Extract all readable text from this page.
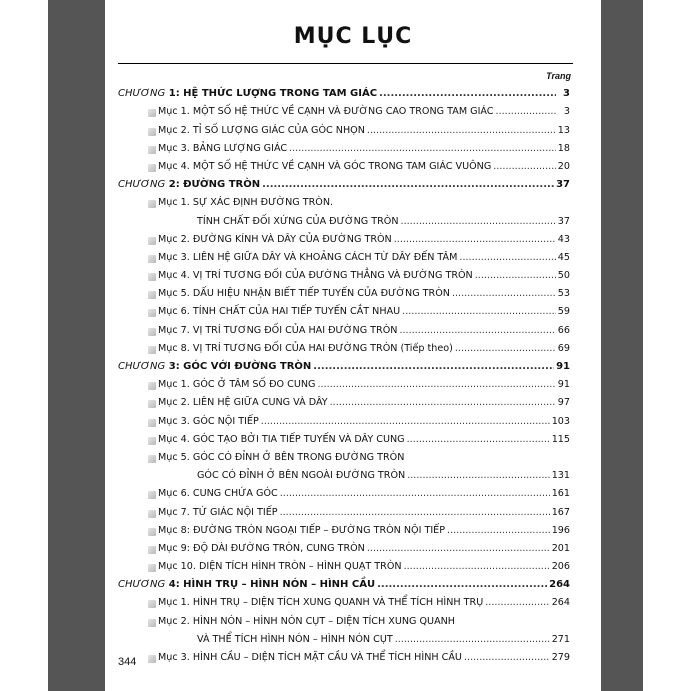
MỤC LỤC
Trang
CHƯƠNG 1: HỆ THỨC LƯỢNG TRONG TAM GIÁC .....	3
Mục 1. MỘT SỐ HỆ THỨC VỀ CẠNH VÀ ĐƯỜNG CAO TRONG TAM GIÁC .....	3
Mục 2. TỈ SỐ LƯỢNG GIÁC CỦA GÓC NHỌN .....	13
Mục 3. BẢNG LƯỢNG GIÁC .....	18
Mục 4. MỘT SỐ HỆ THỨC VỀ CẠNH VÀ GÓC TRONG TAM GIÁC VUÔNG .....	20
CHƯƠNG 2: ĐƯỜNG TRÒN .....	37
Mục 1. SỰ XÁC ĐỊNH ĐƯỜNG TRÒN.
TÍNH CHẤT ĐỐI XỨNG CỦA ĐƯỜNG TRÒN .....	37
Mục 2. ĐƯỜNG KÍNH VÀ DÂY CỦA ĐƯỜNG TRÒN .....	43
Mục 3. LIÊN HỆ GIỮA DÂY VÀ KHOẢNG CÁCH TỪ DÂY ĐẾN TÂM .....	45
Mục 4. VỊ TRÍ TƯƠNG ĐỐI CỦA ĐƯỜNG THẲNG VÀ ĐƯỜNG TRÒN .....	50
Mục 5. DẤU HIỆU NHẬN BIẾT TIẾP TUYẾN CỦA ĐƯỜNG TRÒN .....	53
Mục 6. TÍNH CHẤT CỦA HAI TIẾP TUYẾN CẮT NHAU .....	59
Mục 7. VỊ TRÍ TƯƠNG ĐỐI CỦA HAI ĐƯỜNG TRÒN .....	66
Mục 8. VỊ TRÍ TƯƠNG ĐỐI CỦA HAI ĐƯỜNG TRÒN (Tiếp theo) .....	69
CHƯƠNG 3: GÓC VỚI ĐƯỜNG TRÒN .....	91
Mục 1. GÓC Ở TÂM SỐ ĐO CUNG .....	91
Mục 2. LIÊN HỆ GIỮA CUNG VÀ DÂY .....	97
Mục 3. GÓC NỘI TIẾP .....	103
Mục 4. GÓC TẠO BỞI TIA TIẾP TUYẾN VÀ DÂY CUNG .....	115
Mục 5. GÓC CÓ ĐỈNH Ở BÊN TRONG ĐƯỜNG TRÒN
GÓC CÓ ĐỈNH Ở BÊN NGOÀI ĐƯỜNG TRÒN .....	131
Mục 6. CUNG CHỨA GÓC .....	161
Mục 7. TỨ GIÁC NỘI TIẾP .....	167
Mục 8: ĐƯỜNG TRÒN NGOẠI TIẾP – ĐƯỜNG TRÒN NỘI TIẾP .....	196
Mục 9: ĐỘ DÀI ĐƯỜNG TRÒN, CUNG TRÒN .....	201
Mục 10. DIỆN TÍCH HÌNH TRÒN – HÌNH QUẠT TRÒN .....	206
CHƯƠNG 4: HÌNH TRỤ – HÌNH NÓN – HÌNH CẦU .....	264
Mục 1. HÌNH TRỤ – DIỆN TÍCH XUNG QUANH VÀ THỂ TÍCH HÌNH TRỤ .....	264
Mục 2. HÌNH NÓN – HÌNH NÓN CỤT – DIỆN TÍCH XUNG QUANH
VÀ THỂ TÍCH HÌNH NÓN – HÌNH NÓN CỤT .....	271
Mục 3. HÌNH CẦU – DIỆN TÍCH MẶT CẦU VÀ THỂ TÍCH HÌNH CẦU .....	279
344
